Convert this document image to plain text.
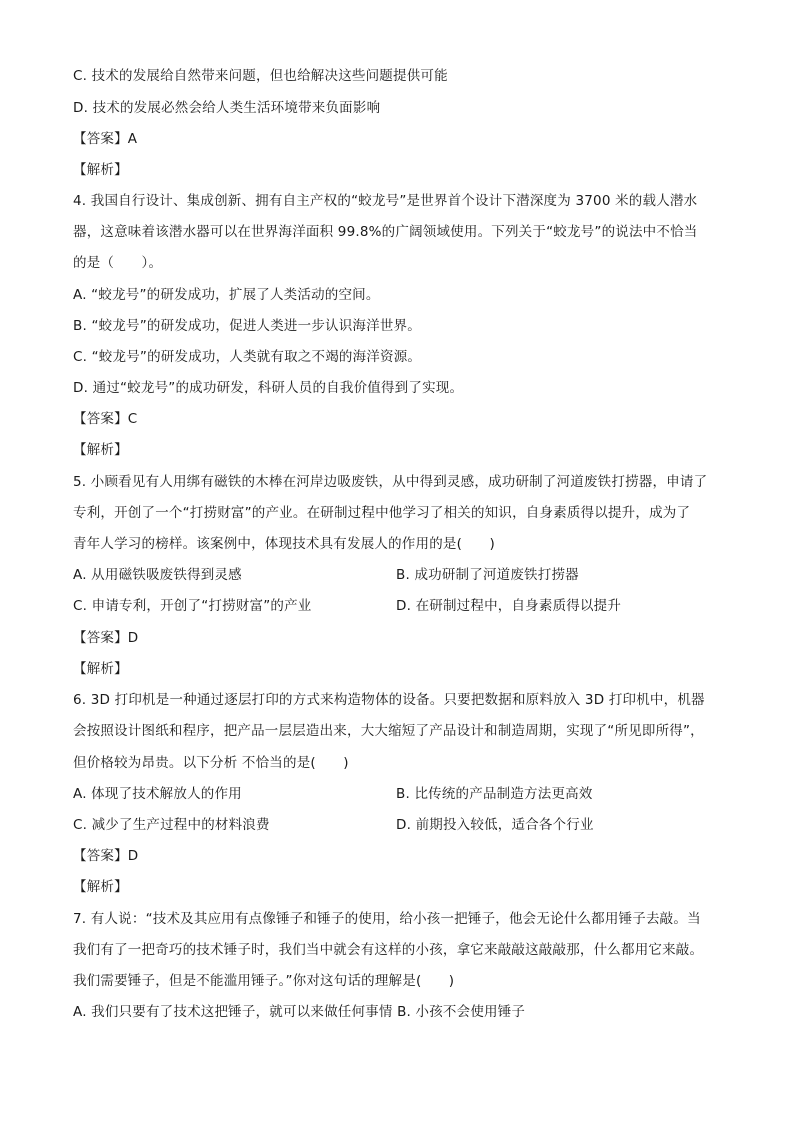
C. 技术的发展给自然带来问题，但也给解决这些问题提供可能
D. 技术的发展必然会给人类生活环境带来负面影响
【答案】A
【解析】
4. 我国自行设计、集成创新、拥有自主产权的“蛟龙号”是世界首个设计下潜深度为 3700 米的载人潜水
器，这意味着该潜水器可以在世界海洋面积 99.8%的广阔领域使用。下列关于“蛟龙号”的说法中不恰当
的是（　　）。
A. “蛟龙号”的研发成功，扩展了人类活动的空间。
B. “蛟龙号”的研发成功，促进人类进一步认识海洋世界。
C. “蛟龙号”的研发成功，人类就有取之不竭的海洋资源。
D. 通过“蛟龙号”的成功研发，科研人员的自我价值得到了实现。
【答案】C
【解析】
5. 小顾看见有人用绑有磁铁的木棒在河岸边吸废铁，从中得到灵感，成功研制了河道废铁打捞器，申请了
专利，开创了一个“打捞财富”的产业。在研制过程中他学习了相关的知识，自身素质得以提升，成为了
青年人学习的榜样。该案例中，体现技术具有发展人的作用的是(　　)
A. 从用磁铁吸废铁得到灵感	B. 成功研制了河道废铁打捞器
C. 申请专利，开创了“打捞财富”的产业	D. 在研制过程中，自身素质得以提升
【答案】D
【解析】
6. 3D 打印机是一种通过逐层打印的方式来构造物体的设备。只要把数据和原料放入 3D 打印机中，机器
会按照设计图纸和程序，把产品一层层造出来，大大缩短了产品设计和制造周期，实现了“所见即所得”，
但价格较为昂贵。以下分析 不恰当的是(　　)
A. 体现了技术解放人的作用	B. 比传统的产品制造方法更高效
C. 减少了生产过程中的材料浪费	D. 前期投入较低，适合各个行业
【答案】D
【解析】
7. 有人说：“技术及其应用有点像锤子和锤子的使用，给小孩一把锤子，他会无论什么都用锤子去敲。当
我们有了一把奇巧的技术锤子时，我们当中就会有这样的小孩，拿它来敲敲这敲敲那，什么都用它来敲。
我们需要锤子，但是不能滥用锤子。”你对这句话的理解是(　　)
A. 我们只要有了技术这把锤子，就可以来做任何事情 B. 小孩不会使用锤子
